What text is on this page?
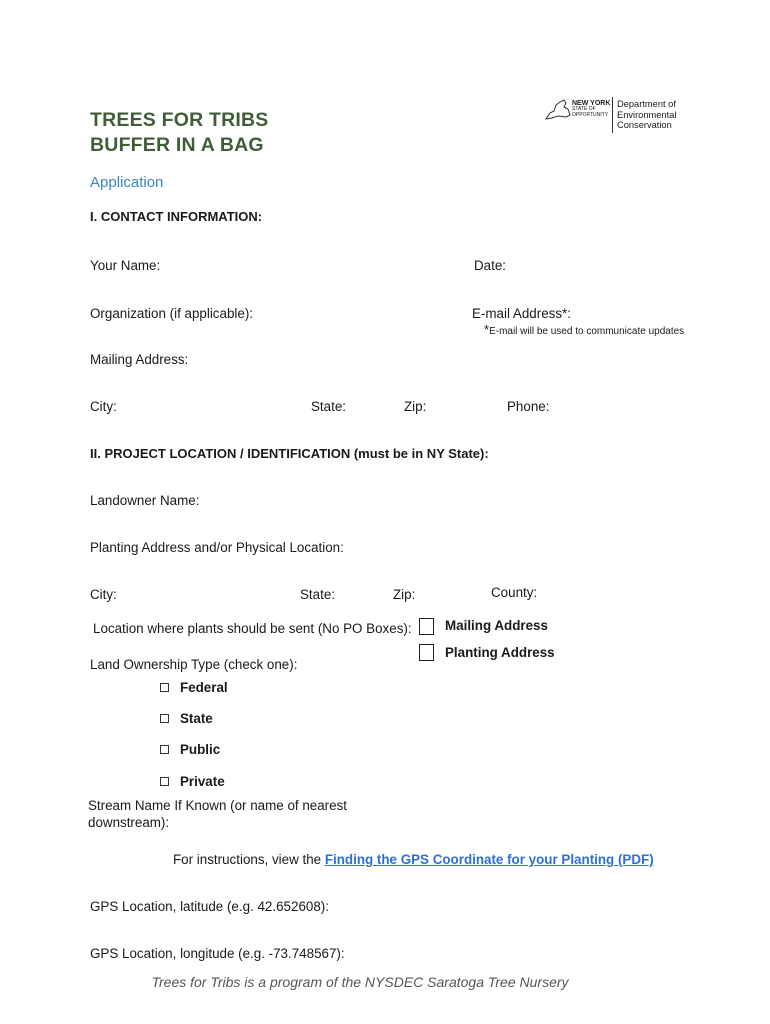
NEW YORK
STATE OF
OPPORTUNITY.
Department of
Environmental
Conservation
TREES FOR TRIBS
BUFFER IN A BAG
Application
I. CONTACT INFORMATION:
Your Name:	Date:
Organization (if applicable):	E-mail Address*:
*E-mail will be used to communicate updates
Mailing Address:
City:	State:	Zip:	Phone:
II. PROJECT LOCATION / IDENTIFICATION (must be in NY State):
Landowner Name:
Planting Address and/or Physical Location:
City:	State:	Zip:	County:
Location where plants should be sent (No PO Boxes): Mailing Address
Planting Address
Land Ownership Type (check one):
Federal
State
Public
Private
Stream Name If Known (or name of nearest
downstream):
For instructions, view the Finding the GPS Coordinate for your Planting (PDF)
GPS Location, latitude (e.g. 42.652608):
GPS Location, longitude (e.g. -73.748567):
Trees for Tribs is a program of the NYSDEC Saratoga Tree Nursery
